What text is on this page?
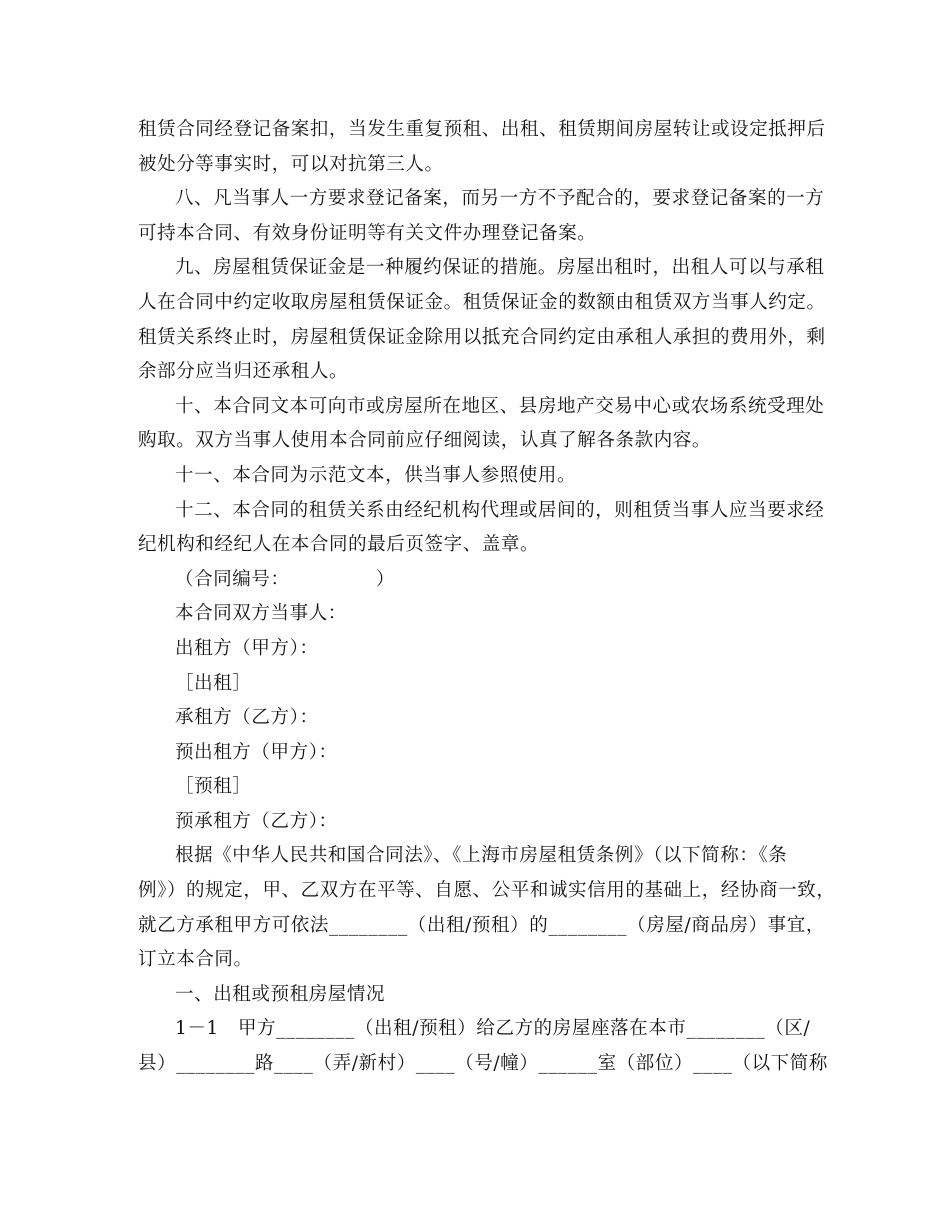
租赁合同经登记备案扣，当发生重复预租、出租、租赁期间房屋转让或设定抵押后

被处分等事实时，可以对抗第三人。

八、凡当事人一方要求登记备案，而另一方不予配合的，要求登记备案的一方

可持本合同、有效身份证明等有关文件办理登记备案。

九、房屋租赁保证金是一种履约保证的措施。房屋出租时，出租人可以与承租

人在合同中约定收取房屋租赁保证金。租赁保证金的数额由租赁双方当事人约定。

租赁关系终止时，房屋租赁保证金除用以抵充合同约定由承租人承担的费用外，剩

余部分应当归还承租人。

十、本合同文本可向市或房屋所在地区、县房地产交易中心或农场系统受理处

购取。双方当事人使用本合同前应仔细阅读，认真了解各条款内容。

十一、本合同为示范文本，供当事人参照使用。

十二、本合同的租赁关系由经纪机构代理或居间的，则租赁当事人应当要求经

纪机构和经纪人在本合同的最后页签字、盖章。

（合同编号：　　　　　）

本合同双方当事人：

出租方（甲方）：

［出租］

承租方（乙方）：

预出租方（甲方）：

［预租］

预承租方（乙方）：

根据《中华人民共和国合同法》、《上海市房屋租赁条例》（以下简称：《条

例》）的规定，甲、乙双方在平等、自愿、公平和诚实信用的基础上，经协商一致，

就乙方承租甲方可依法________（出租/预租）的________（房屋/商品房）事宜，

订立本合同。

一、出租或预租房屋情况

1－1　甲方________（出租/预租）给乙方的房屋座落在本市________（区/

县）________路____（弄/新村）____（号/幢）______室（部位）____（以下简称
